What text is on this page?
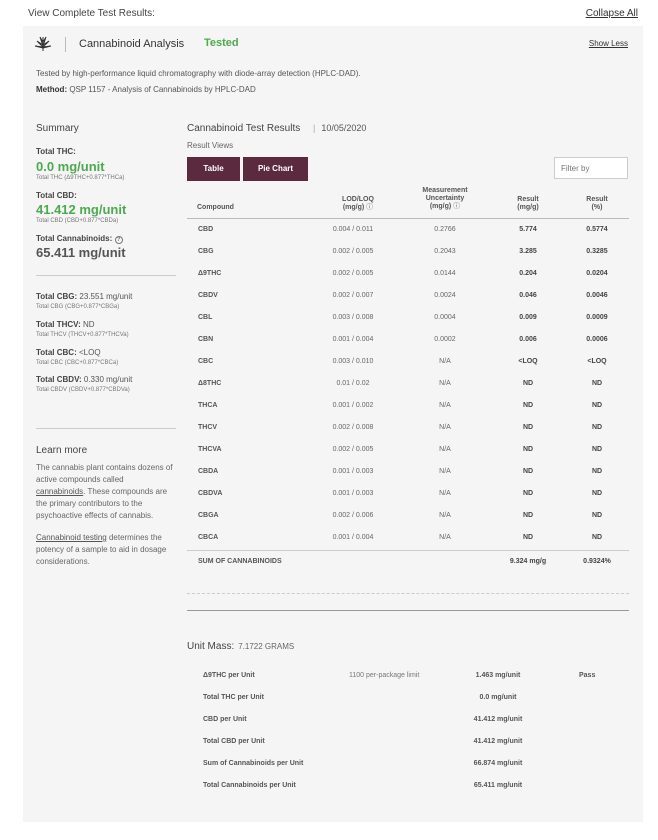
View Complete Test Results:	Collapse All
Cannabinoid Analysis Tested	Show Less
Tested by high-performance liquid chromatography with diode-array detection (HPLC-DAD).
Method: QSP 1157 - Analysis of Cannabinoids by HPLC-DAD
Summary
Total THC:
0.0 mg/unit
Total THC (Δ9THC+0.877*THCa)
Total CBD:
41.412 mg/unit
Total CBD (CBD+0.877*CBDa)
Total Cannabinoids: ?
65.411 mg/unit
Total CBG: 23.551 mg/unit
Total CBG (CBG+0.877*CBGa)
Total THCV: ND
Total THCV (THCV+0.877*THCVa)
Total CBC: <LOQ
Total CBC (CBC+0.877*CBCa)
Total CBDV: 0.330 mg/unit
Total CBDV (CBDV+0.877*CBDVa)
Learn more
The cannabis plant contains dozens of active compounds called cannabinoids. These compounds are the primary contributors to the psychoactive effects of cannabis.
Cannabinoid testing determines the potency of a sample to aid in dosage considerations.
Cannabinoid Test Results
|	10/05/2020
Result Views
Table	Pie Chart
Filter by
Compound
LOD/LOQ
(mg/g) ⓘ
Measurement
Uncertainty
(mg/g) ⓘ
Result
(mg/g)
Result
(%)
CBD	0.004 / 0.011	0.2766	5.774	0.5774
CBG	0.002 / 0.005	0.2043	3.285	0.3285
Δ9THC	0.002 / 0.005	0.0144	0.204	0.0204
CBDV	0.002 / 0.007	0.0024	0.046	0.0046
CBL	0.003 / 0.008	0.0004	0.009	0.0009
CBN	0.001 / 0.004	0.0002	0.006	0.0006
CBC	0.003 / 0.010	N/A	<LOQ	<LOQ
Δ8THC	0.01 / 0.02	N/A	ND	ND
THCA	0.001 / 0.002	N/A	ND	ND
THCV	0.002 / 0.008	N/A	ND	ND
THCVA	0.002 / 0.005	N/A	ND	ND
CBDA	0.001 / 0.003	N/A	ND	ND
CBDVA	0.001 / 0.003	N/A	ND	ND
CBGA	0.002 / 0.006	N/A	ND	ND
CBCA	0.001 / 0.004	N/A	ND	ND
SUM OF CANNABINOIDS	9.324 mg/g	0.9324%
Unit Mass: 7.1722 GRAMS
Δ9THC per Unit	1100 per-package limit	1.463 mg/unit	Pass
Total THC per Unit	0.0 mg/unit
CBD per Unit	41.412 mg/unit
Total CBD per Unit	41.412 mg/unit
Sum of Cannabinoids per Unit	66.874 mg/unit
Total Cannabinoids per Unit	65.411 mg/unit
